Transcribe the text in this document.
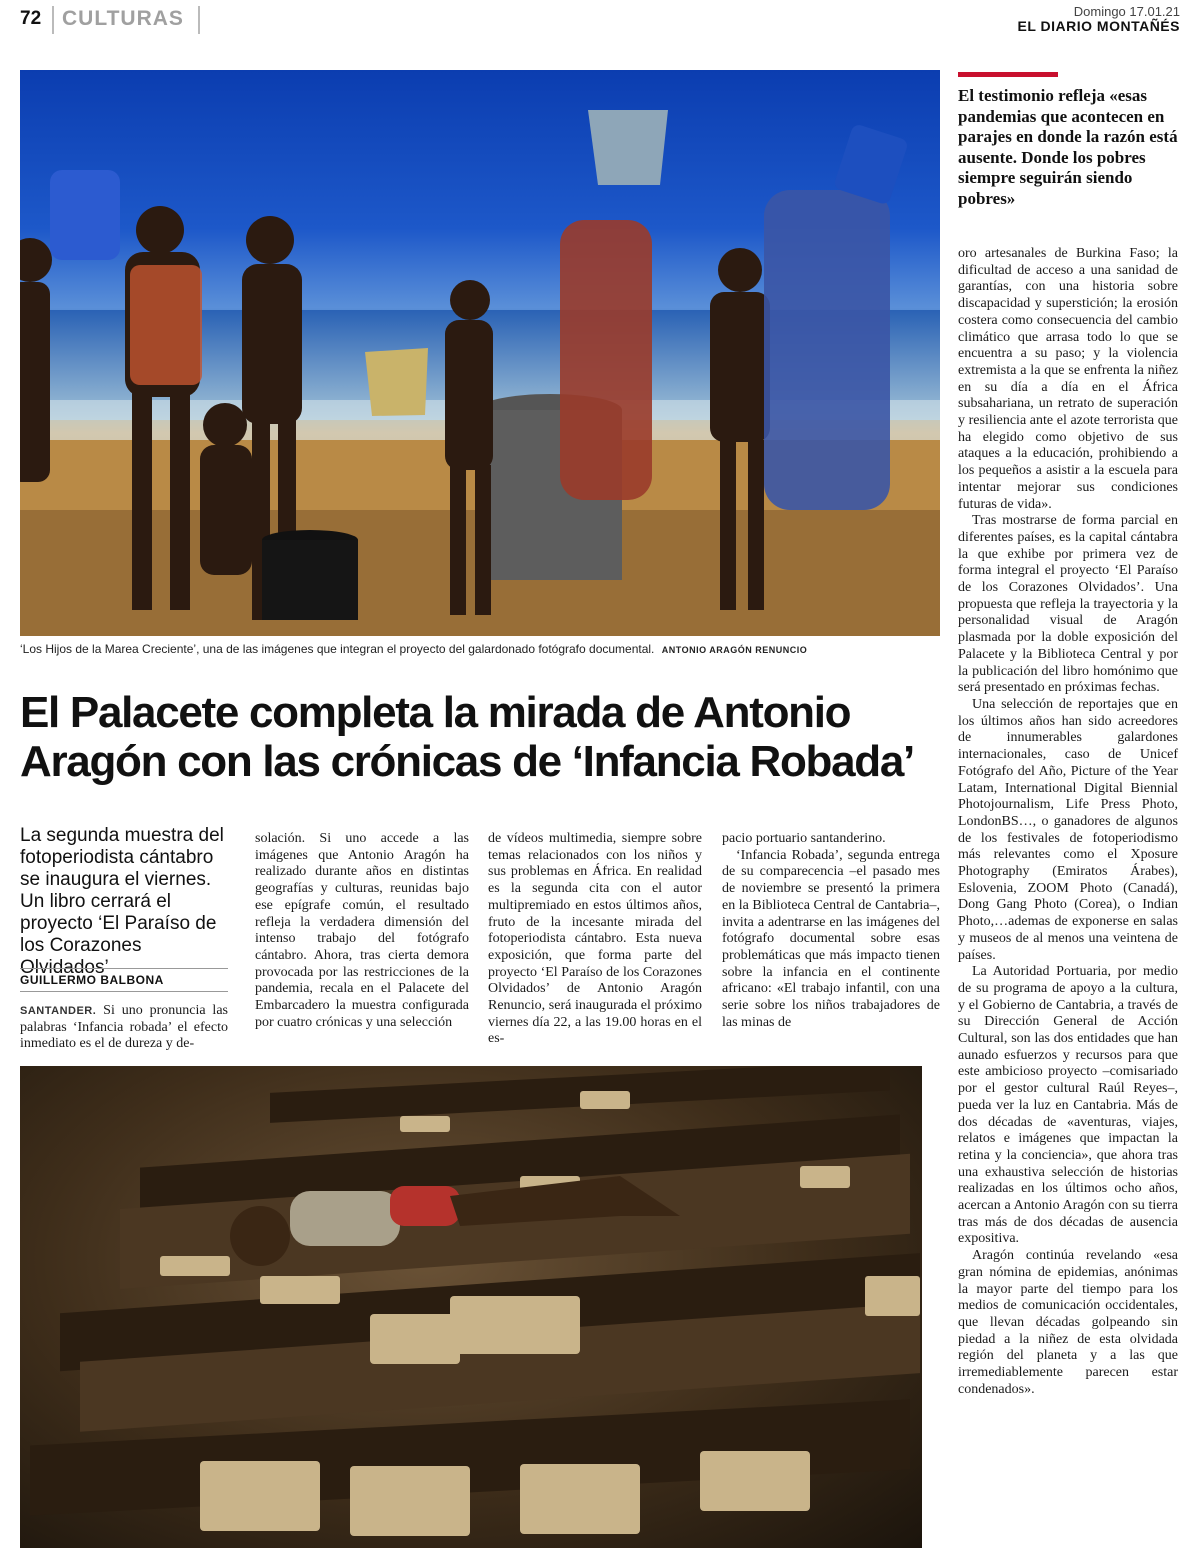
72 CULTURAS	Domingo 17.01.21
EL DIARIO MONTAÑÉS
‘Los Hijos de la Marea Creciente’, una de las imágenes que integran el proyecto del galardonado fotógrafo documental. ANTONIO ARAGÓN RENUNCIO
El testimonio refleja «esas pandemias que acontecen en parajes en donde la razón está ausente. Donde los pobres siempre seguirán siendo pobres»
El Palacete completa la mirada de Antonio Aragón con las crónicas de ‘Infancia Robada’
La segunda muestra del fotoperiodista cántabro se inaugura el viernes. Un libro cerrará el proyecto ‘El Paraíso de los Corazones Olvidados’
GUILLERMO BALBONA

SANTANDER. Si uno pronuncia las palabras ‘Infancia robada’ el efecto inmediato es el de dureza y de-

solación. Si uno accede a las imágenes que Antonio Aragón ha realizado durante años en distintas geografías y culturas, reunidas bajo ese epígrafe común, el resultado refleja la verdadera dimensión del intenso trabajo del fotógrafo cántabro. Ahora, tras cierta demora provocada por las restricciones de la pandemia, recala en el Palacete del Embarcadero la muestra configurada por cuatro crónicas y una selección

de vídeos multimedia, siempre sobre temas relacionados con los niños y sus problemas en África. En realidad es la segunda cita con el autor multipremiado en estos últimos años, fruto de la incesante mirada del fotoperiodista cántabro. Esta nueva exposición, que forma parte del proyecto ‘El Paraíso de los Corazones Olvidados’ de Antonio Aragón Renuncio, será inaugurada el próximo viernes día 22, a las 19.00 horas en el es-

pacio portuario santanderino.

‘Infancia Robada’, segunda entrega de su comparecencia –el pasado mes de noviembre se presentó la primera en la Biblioteca Central de Cantabria–, invita a adentrarse en las imágenes del fotógrafo documental sobre esas problemáticas que más impacto tienen sobre la infancia en el continente africano: «El trabajo infantil, con una serie sobre los niños trabajadores de las minas de

oro artesanales de Burkina Faso; la dificultad de acceso a una sanidad de garantías, con una historia sobre discapacidad y superstición; la erosión costera como consecuencia del cambio climático que arrasa todo lo que se encuentra a su paso; y la violencia extremista a la que se enfrenta la niñez en su día a día en el África subsahariana, un retrato de superación y resiliencia ante el azote terrorista que ha elegido como objetivo de sus ataques a la educación, prohibiendo a los pequeños a asistir a la escuela para intentar mejorar sus condiciones futuras de vida».

Tras mostrarse de forma parcial en diferentes países, es la capital cántabra la que exhibe por primera vez de forma integral el proyecto ‘El Paraíso de los Corazones Olvidados’. Una propuesta que refleja la trayectoria y la personalidad visual de Aragón plasmada por la doble exposición del Palacete y la Biblioteca Central y por la publicación del libro homónimo que será presentado en próximas fechas.

Una selección de reportajes que en los últimos años han sido acreedores de innumerables galardones internacionales, caso de Unicef Fotógrafo del Año, Picture of the Year Latam, International Digital Biennial Photojournalism, Life Press Photo, LondonBS…, o ganadores de algunos de los festivales de fotoperiodismo más relevantes como el Xposure Photography (Emiratos Árabes), Eslovenia, ZOOM Photo (Canadá), Dong Gang Photo (Corea), o Indian Photo,…ademas de exponerse en salas y museos de al menos una veintena de países.

La Autoridad Portuaria, por medio de su programa de apoyo a la cultura, y el Gobierno de Cantabria, a través de su Dirección General de Acción Cultural, son las dos entidades que han aunado esfuerzos y recursos para que este ambicioso proyecto –comisariado por el gestor cultural Raúl Reyes–, pueda ver la luz en Cantabria. Más de dos décadas de «aventuras, viajes, relatos e imágenes que impactan la retina y la conciencia», que ahora tras una exhaustiva selección de historias realizadas en los últimos ocho años, acercan a Antonio Aragón con su tierra tras más de dos décadas de ausencia expositiva.

Aragón continúa revelando «esa gran nómina de epidemias, anónimas la mayor parte del tiempo para los medios de comunicación occidentales, que llevan décadas golpeando sin piedad a la niñez de esta olvidada región del planeta y a las que irremediablemente parecen estar condenados».
